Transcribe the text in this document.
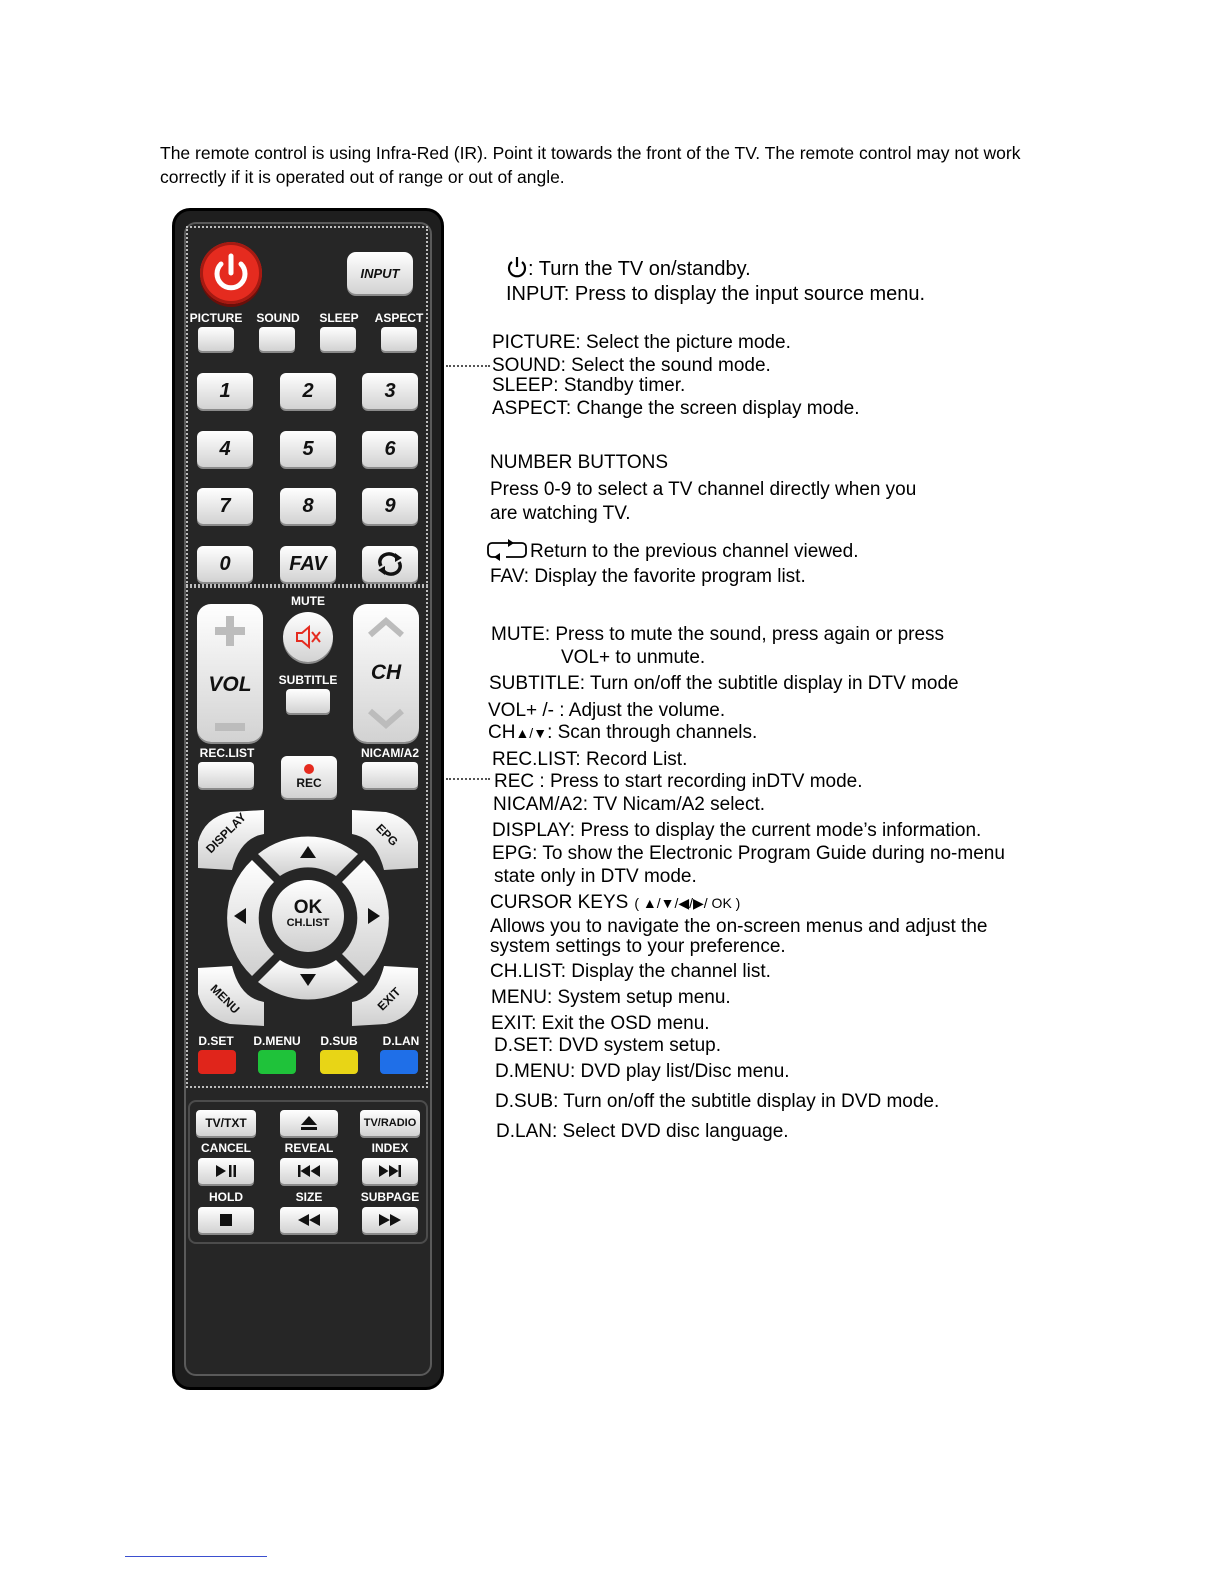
The remote control is using Infra-Red (IR). Point it towards the front of the TV. The remote control may not work correctly if it is operated out of range or out of angle.
INPUT
PICTURE	SOUND	SLEEP	ASPECT
1	2	3
4	5	6
7	8	9
0	FAV
VOL
MUTE
SUBTITLE	CH
REC.LIST
REC
NICAM/A2
DISPLAY	EPG
MENU	EXIT
OK
CH.LIST
D.SET	D.MENU	D.SUB	D.LAN
TV/TXT	TV/RADIO
CANCEL	REVEAL	INDEX
HOLD	SIZE	SUBPAGE
: Turn the TV on/standby.
INPUT: Press to display the input source menu.
PICTURE: Select the picture mode.
SOUND: Select the sound mode.
SLEEP: Standby timer.
ASPECT: Change the screen display mode.
NUMBER BUTTONS
Press 0-9 to select a TV channel directly when you
are watching TV.
Return to the previous channel viewed.
FAV: Display the favorite program list.
MUTE: Press to mute the sound, press again or press
VOL+ to unmute.
SUBTITLE: Turn on/off the subtitle display in DTV mode
VOL+ /- : Adjust the volume.
CH▲/▼: Scan through channels.
REC.LIST: Record List.
REC : Press to start recording inDTV mode.
NICAM/A2: TV Nicam/A2 select.
DISPLAY: Press to display the current mode’s information.
EPG: To show the Electronic Program Guide during no-menu
state only in DTV mode.
CURSOR KEYS ( ▲/▼/◀/▶/ OK )
Allows you to navigate the on-screen menus and adjust the
system settings to your preference.
CH.LIST: Display the channel list.
MENU: System setup menu.
EXIT: Exit the OSD menu.
D.SET: DVD system setup.
D.MENU: DVD play list/Disc menu.
D.SUB: Turn on/off the subtitle display in DVD mode.
D.LAN: Select DVD disc language.
